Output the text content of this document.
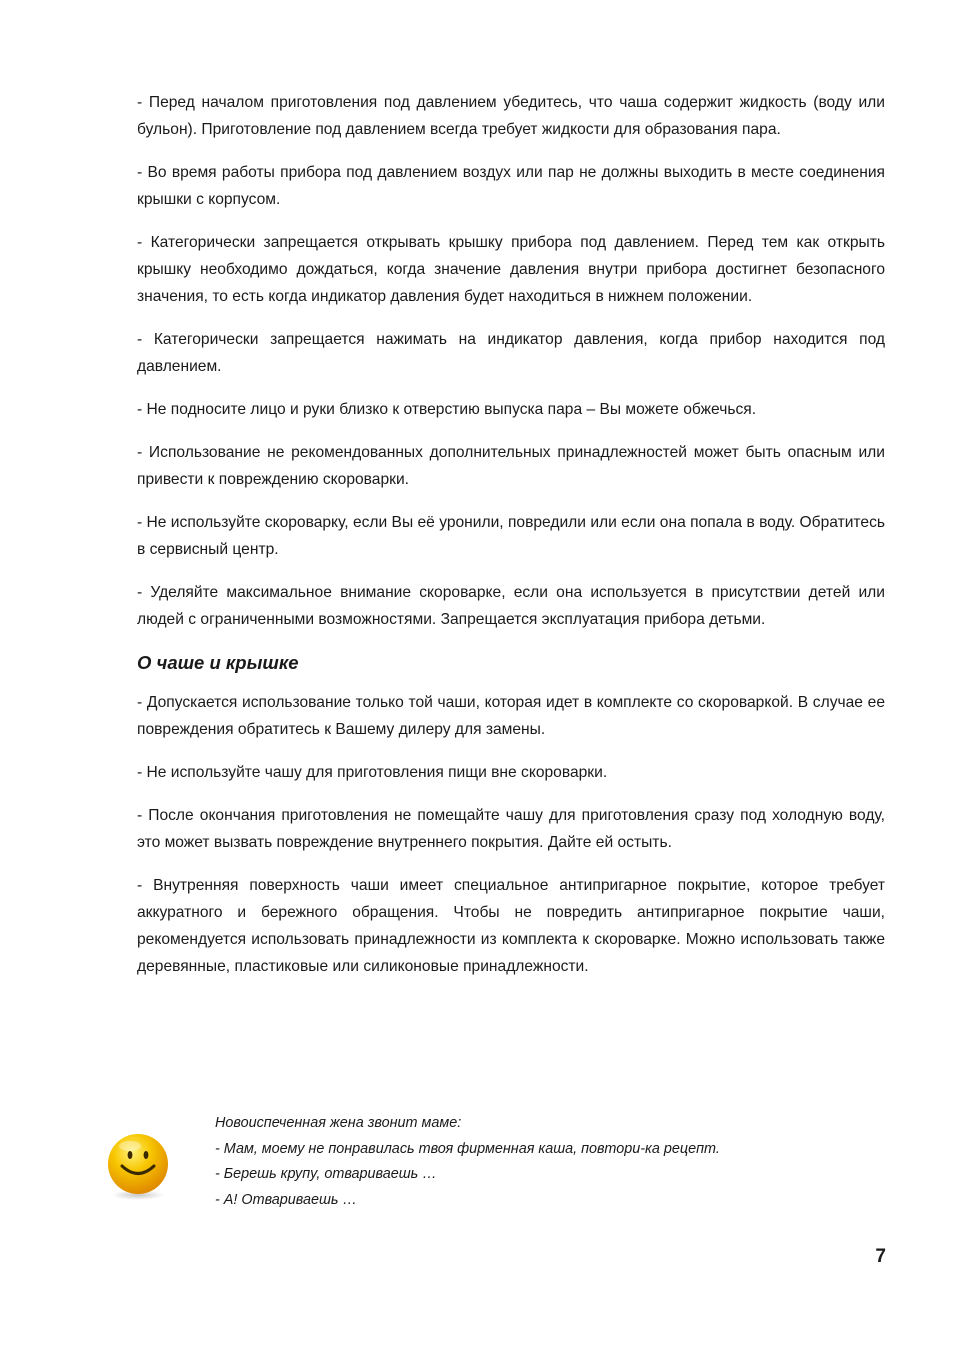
- Перед началом приготовления под давлением убедитесь, что чаша содержит жидкость (воду или бульон). Приготовление под давлением всегда требует жидкости для образования пара.

- Во время работы прибора под давлением воздух или пар не должны выходить в месте соединения крышки с корпусом.

- Категорически запрещается открывать крышку прибора под давлением. Перед тем как открыть крышку необходимо дождаться, когда значение давления внутри прибора достигнет безопасного значения, то есть когда индикатор давления будет находиться в нижнем положении.

- Категорически запрещается нажимать на индикатор давления, когда прибор находится под давлением.

- Не подносите лицо и руки близко к отверстию выпуска пара – Вы можете обжечься.

- Использование не рекомендованных дополнительных принадлежностей может быть опасным или привести к повреждению скороварки.

- Не используйте скороварку, если Вы её уронили, повредили или если она попала в воду. Обратитесь в сервисный центр.

- Уделяйте максимальное внимание скороварке, если она используется в присутствии детей или людей с ограниченными возможностями. Запрещается эксплуатация прибора детьми.

О чаше и крышке

- Допускается использование только той чаши, которая идет в комплекте со скороваркой. В случае ее повреждения обратитесь к Вашему дилеру для замены.

- Не используйте чашу для приготовления пищи вне скороварки.

- После окончания приготовления не помещайте чашу для приготовления сразу под холодную воду, это может вызвать повреждение внутреннего покрытия. Дайте ей остыть.

- Внутренняя поверхность чаши имеет специальное антипригарное покрытие, которое требует аккуратного и бережного обращения. Чтобы не повредить антипригарное покрытие чаши, рекомендуется использовать принадлежности из комплекта к скороварке. Можно использовать также деревянные, пластиковые или силиконовые принадлежности.

Новоиспеченная жена звонит маме:
- Мам, моему не понравилась твоя фирменная каша, повтори-ка рецепт.
- Берешь крупу, отвариваешь …
- А! Отвариваешь …
7
